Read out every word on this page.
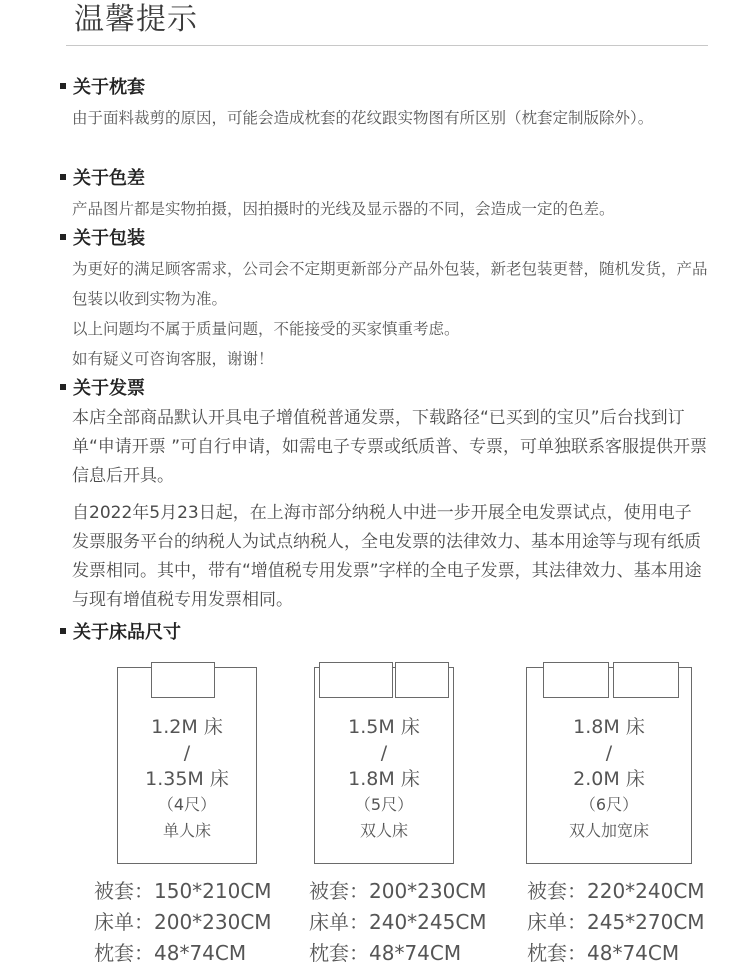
温馨提示

关于枕套

由于面料裁剪的原因，可能会造成枕套的花纹跟实物图有所区别（枕套定制版除外）。

关于色差

产品图片都是实物拍摄，因拍摄时的光线及显示器的不同，会造成一定的色差。

关于包装

为更好的满足顾客需求，公司会不定期更新部分产品外包装，新老包装更替，随机发货，产品包装以收到实物为准。

以上问题均不属于质量问题，不能接受的买家慎重考虑。

如有疑义可咨询客服，谢谢！

关于发票

本店全部商品默认开具电子增值税普通发票，下载路径“已买到的宝贝”后台找到订单“申请开票 ”可自行申请，如需电子专票或纸质普、专票，可单独联系客服提供开票信息后开具。

自2022年5月23日起，在上海市部分纳税人中进一步开展全电发票试点，使用电子发票服务平台的纳税人为试点纳税人，全电发票的法律效力、基本用途等与现有纸质发票相同。其中，带有“增值税专用发票”字样的全电子发票，其法律效力、基本用途与现有增值税专用发票相同。

关于床品尺寸

1.2M 床
/
1.35M 床
（4尺）
单人床
1.5M 床
/
1.8M 床
（5尺）
双人床
1.8M 床
/
2.0M 床
（6尺）
双人加宽床
被套：150*210CM
床单：200*230CM
枕套：48*74CM
被套：200*230CM
床单：240*245CM
枕套：48*74CM
被套：220*240CM
床单：245*270CM
枕套：48*74CM
